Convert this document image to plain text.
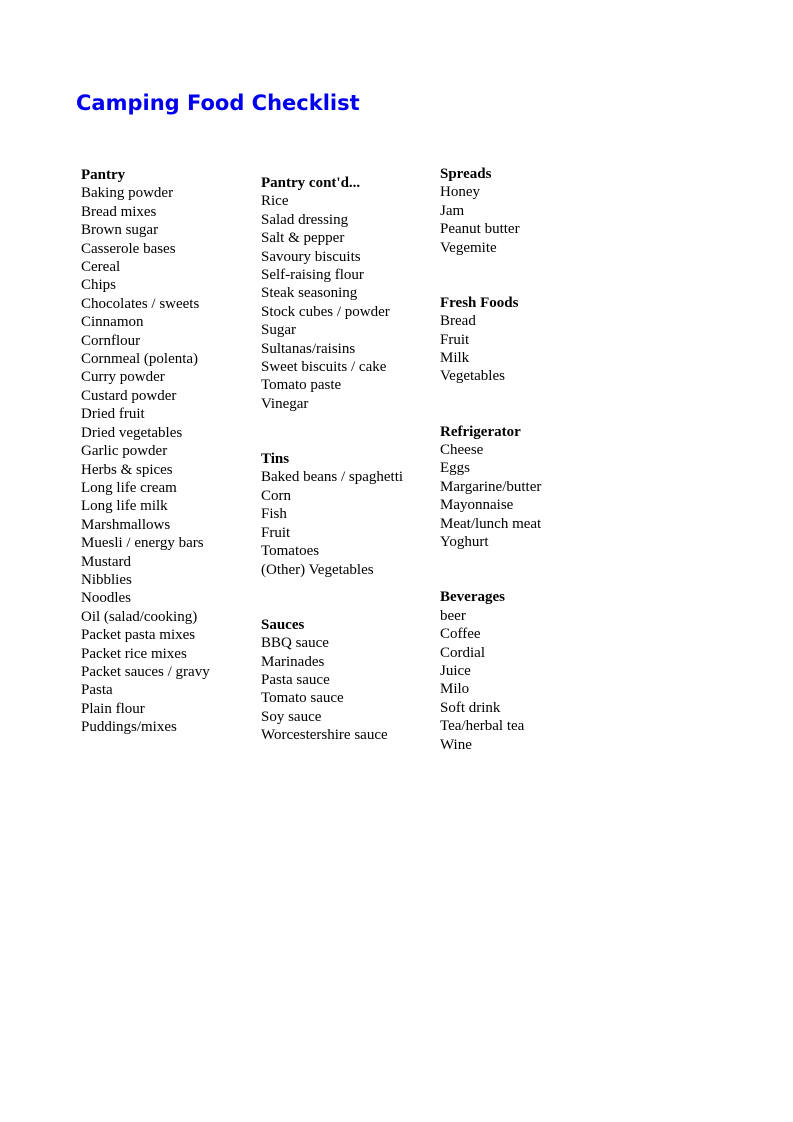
Camping Food Checklist
Pantry
Baking powder
Bread mixes
Brown sugar
Casserole bases
Cereal
Chips
Chocolates / sweets
Cinnamon
Cornflour
Cornmeal (polenta)
Curry powder
Custard powder
Dried fruit
Dried vegetables
Garlic powder
Herbs & spices
Long life cream
Long life milk
Marshmallows
Muesli / energy bars
Mustard
Nibblies
Noodles
Oil (salad/cooking)
Packet pasta mixes
Packet rice mixes
Packet sauces / gravy
Pasta
Plain flour
Puddings/mixes
Pantry cont'd...
Rice
Salad dressing
Salt & pepper
Savoury biscuits
Self-raising flour
Steak seasoning
Stock cubes / powder
Sugar
Sultanas/raisins
Sweet biscuits / cake
Tomato paste
Vinegar
Tins
Baked beans / spaghetti
Corn
Fish
Fruit
Tomatoes
(Other) Vegetables
Sauces
BBQ sauce
Marinades
Pasta sauce
Tomato sauce
Soy sauce
Worcestershire sauce
Spreads
Honey
Jam
Peanut butter
Vegemite
Fresh Foods
Bread
Fruit
Milk
Vegetables
Refrigerator
Cheese
Eggs
Margarine/butter
Mayonnaise
Meat/lunch meat
Yoghurt
Beverages
beer
Coffee
Cordial
Juice
Milo
Soft drink
Tea/herbal tea
Wine
